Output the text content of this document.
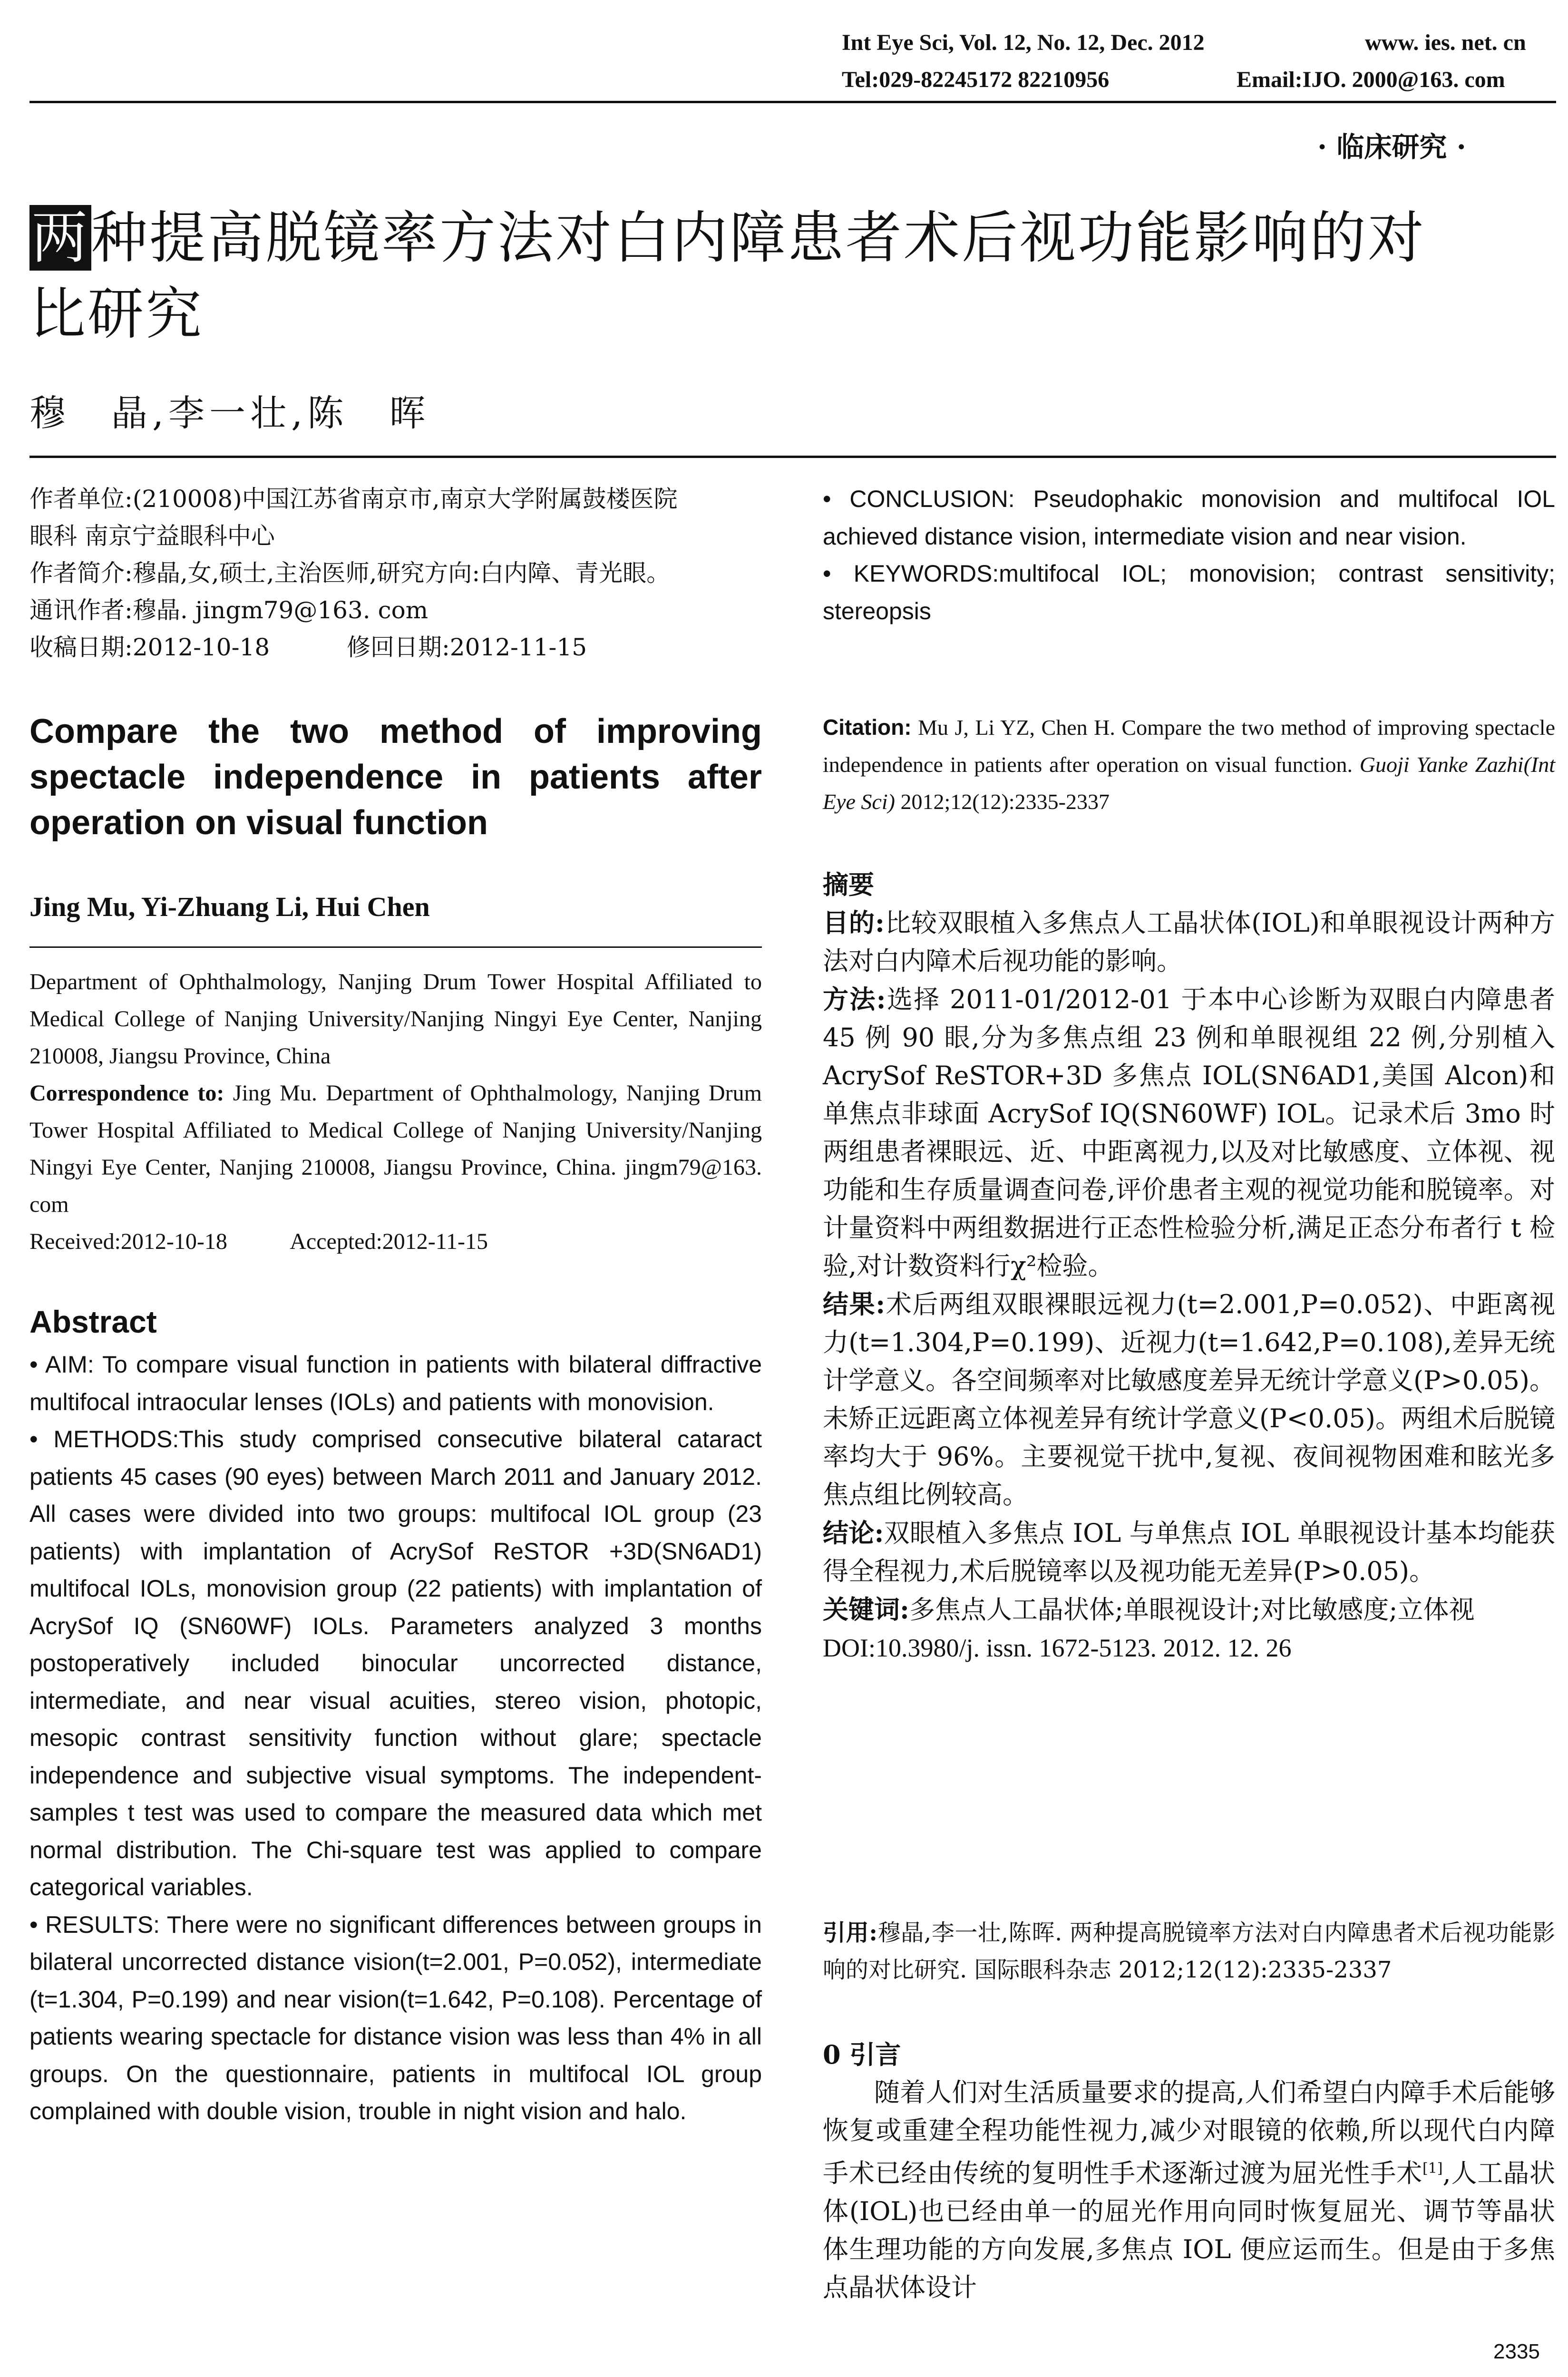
Int Eye Sci, Vol. 12, No. 12, Dec. 2012	www. ies. net. cn
Tel:029-82245172 82210956	Email:IJO. 2000@163. com
· 临床研究 ·
两种提高脱镜率方法对白内障患者术后视功能影响的对
比研究
穆　晶,李一壮,陈　晖

作者单位:(210008)中国江苏省南京市,南京大学附属鼓楼医院

眼科 南京宁益眼科中心

作者简介:穆晶,女,硕士,主治医师,研究方向:白内障、青光眼。

通讯作者:穆晶. jingm79@163. com

收稿日期:2012-10-18	修回日期:2012-11-15

Compare the two method of improving spectacle independence in patients after operation on visual function
Jing Mu, Yi-Zhuang Li, Hui Chen

Department of Ophthalmology, Nanjing Drum Tower Hospital Affiliated to Medical College of Nanjing University/Nanjing Ningyi Eye Center, Nanjing 210008, Jiangsu Province, China

Correspondence to: Jing Mu. Department of Ophthalmology, Nanjing Drum Tower Hospital Affiliated to Medical College of Nanjing University/Nanjing Ningyi Eye Center, Nanjing 210008, Jiangsu Province, China. jingm79@163. com

Received:2012-10-18	Accepted:2012-11-15

Abstract

• AIM: To compare visual function in patients with bilateral diffractive multifocal intraocular lenses (IOLs) and patients with monovision.

• METHODS:This study comprised consecutive bilateral cataract patients 45 cases (90 eyes) between March 2011 and January 2012. All cases were divided into two groups: multifocal IOL group (23 patients) with implantation of AcrySof ReSTOR +3D(SN6AD1) multifocal IOLs, monovision group (22 patients) with implantation of AcrySof IQ (SN60WF) IOLs. Parameters analyzed 3 months postoperatively included binocular uncorrected distance, intermediate, and near visual acuities, stereo vision, photopic, mesopic contrast sensitivity function without glare; spectacle independence and subjective visual symptoms. The independent-samples t test was used to compare the measured data which met normal distribution. The Chi-square test was applied to compare categorical variables.

• RESULTS: There were no significant differences between groups in bilateral uncorrected distance vision(t=2.001, P=0.052), intermediate (t=1.304, P=0.199) and near vision(t=1.642, P=0.108). Percentage of patients wearing spectacle for distance vision was less than 4% in all groups. On the questionnaire, patients in multifocal IOL group complained with double vision, trouble in night vision and halo.

• CONCLUSION: Pseudophakic monovision and multifocal IOL achieved distance vision, intermediate vision and near vision.

• KEYWORDS:multifocal IOL; monovision; contrast sensitivity; stereopsis

Citation: Mu J, Li YZ, Chen H. Compare the two method of improving spectacle independence in patients after operation on visual function. Guoji Yanke Zazhi(Int Eye Sci) 2012;12(12):2335-2337

摘要

目的:比较双眼植入多焦点人工晶状体(IOL)和单眼视设计两种方法对白内障术后视功能的影响。

方法:选择 2011-01/2012-01 于本中心诊断为双眼白内障患者 45 例 90 眼,分为多焦点组 23 例和单眼视组 22 例,分别植入 AcrySof ReSTOR+3D 多焦点 IOL(SN6AD1,美国 Alcon)和单焦点非球面 AcrySof IQ(SN60WF) IOL。记录术后 3mo 时两组患者裸眼远、近、中距离视力,以及对比敏感度、立体视、视功能和生存质量调查问卷,评价患者主观的视觉功能和脱镜率。对计量资料中两组数据进行正态性检验分析,满足正态分布者行 t 检验,对计数资料行χ²检验。

结果:术后两组双眼裸眼远视力(t=2.001,P=0.052)、中距离视力(t=1.304,P=0.199)、近视力(t=1.642,P=0.108),差异无统计学意义。各空间频率对比敏感度差异无统计学意义(P>0.05)。未矫正远距离立体视差异有统计学意义(P<0.05)。两组术后脱镜率均大于 96%。主要视觉干扰中,复视、夜间视物困难和眩光多焦点组比例较高。

结论:双眼植入多焦点 IOL 与单焦点 IOL 单眼视设计基本均能获得全程视力,术后脱镜率以及视功能无差异(P>0.05)。

关键词:多焦点人工晶状体;单眼视设计;对比敏感度;立体视

DOI:10.3980/j. issn. 1672-5123. 2012. 12. 26

引用:穆晶,李一壮,陈晖. 两种提高脱镜率方法对白内障患者术后视功能影响的对比研究. 国际眼科杂志 2012;12(12):2335-2337

0 引言

随着人们对生活质量要求的提高,人们希望白内障手术后能够恢复或重建全程功能性视力,减少对眼镜的依赖,所以现代白内障手术已经由传统的复明性手术逐渐过渡为屈光性手术[1],人工晶状体(IOL)也已经由单一的屈光作用向同时恢复屈光、调节等晶状体生理功能的方向发展,多焦点 IOL 便应运而生。但是由于多焦点晶状体设计

2335
